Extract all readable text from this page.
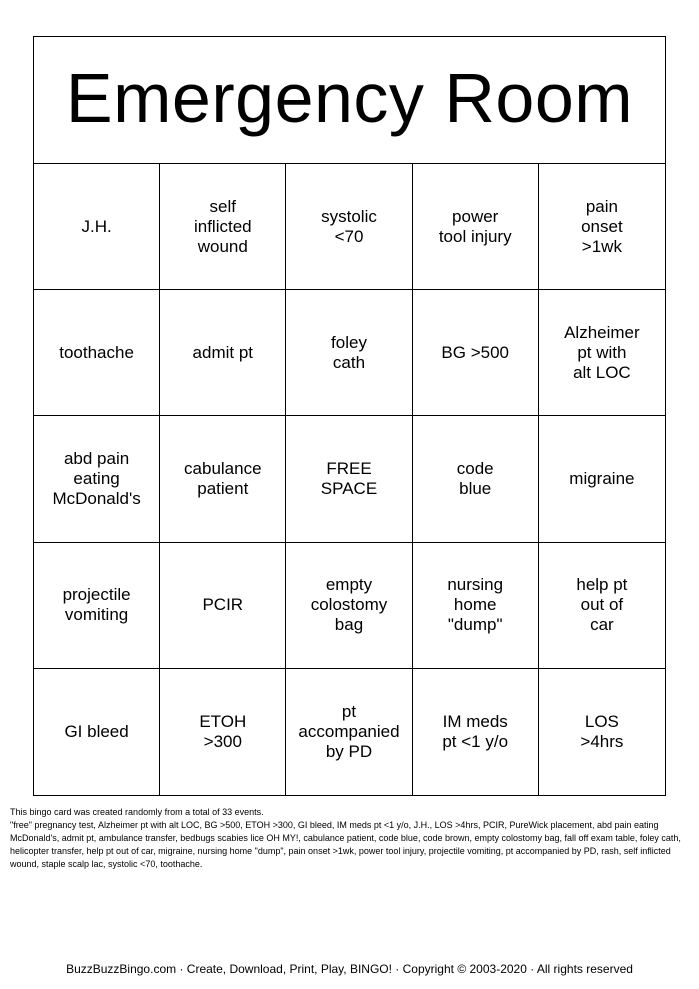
Emergency Room
J.H.
self
inflicted
wound
systolic
<70
power
tool injury
pain
onset
>1wk
toothache	admit pt
foley
cath
BG >500
Alzheimer
pt with
alt LOC
abd pain
eating
McDonald's
cabulance
patient
FREE
SPACE
code
blue
migraine
projectile
vomiting
PCIR
empty
colostomy
bag
nursing
home
"dump"
help pt
out of
car
GI bleed
ETOH
>300
pt
accompanied
by PD
IM meds
pt <1 y/o
LOS
>4hrs

This bingo card was created randomly from a total of 33 events.

"free" pregnancy test, Alzheimer pt with alt LOC, BG >500, ETOH >300, GI bleed, IM meds pt <1 y/o, J.H., LOS >4hrs, PCIR, PureWick placement, abd pain eating McDonald's, admit pt, ambulance transfer, bedbugs scabies lice OH MY!, cabulance patient, code blue, code brown, empty colostomy bag, fall off exam table, foley cath, helicopter transfer, help pt out of car, migraine, nursing home "dump", pain onset >1wk, power tool injury, projectile vomiting, pt accompanied by PD, rash, self inflicted wound, staple scalp lac, systolic <70, toothache.

BuzzBuzzBingo.com · Create, Download, Print, Play, BINGO! · Copyright © 2003-2020 · All rights reserved
